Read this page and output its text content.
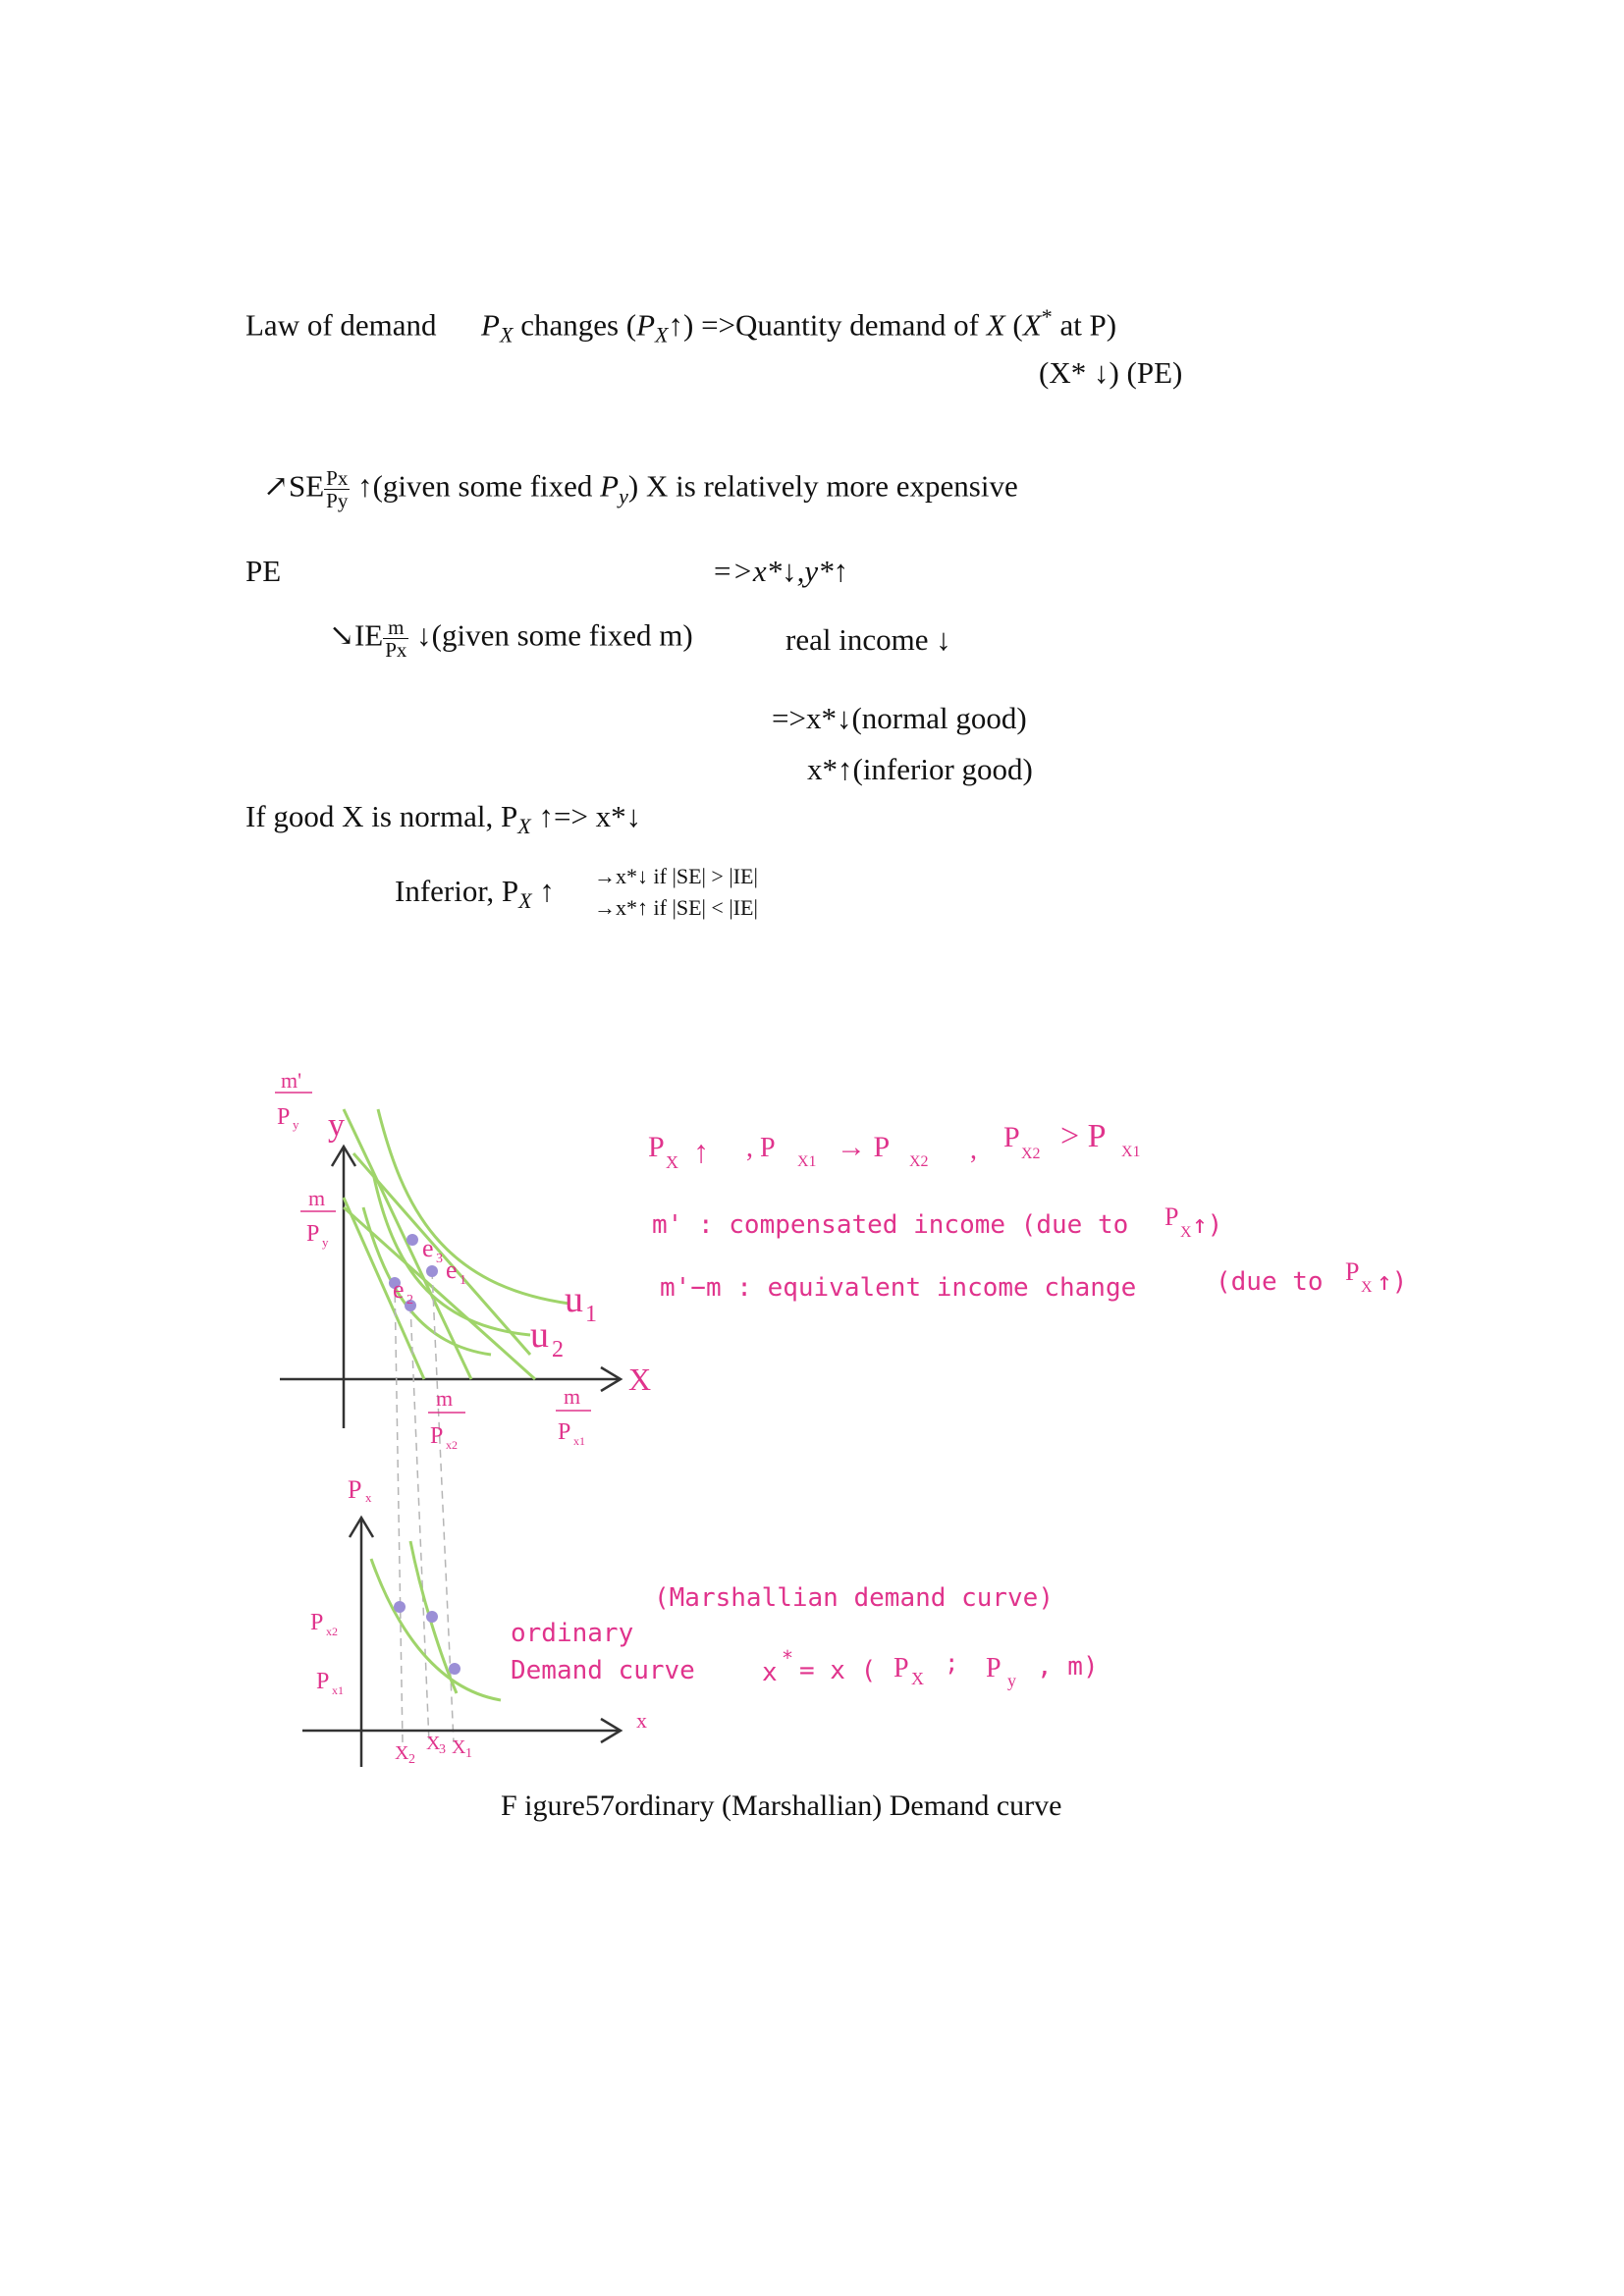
Law of demand $P_X$ changes $(P_X↑)$ =>Quantity demand of X (X* at P)
(X* ↓) (PE)
↗SE $\frac{Px}{Py}$ ↑(given some fixed $P_y$) X is relatively more expensive
PE	=>x*↓,y*↑
↘IE $\frac{m}{Px}$ ↓(given some fixed m)	real income ↓
=>x*↓(normal good)
x*↑(inferior good)
If good X is normal, $P_X$ ↑=> x*↓
Inferior, $P_X$ ↑ →x*↓ if |SE| > |IE|
→x*↑ if |SE| < |IE|
F igure57ordinary (Marshallian) Demand curve
y
X
m'
P y
m
P y
m
P x2
m
P x1
e 3 e 1
e 2	u 1
u 2
P X ↑ , P X1 → P X2 , P
X2 > P X1
m' : compensated income (due to P
X ↑)
m'−m : equivalent income change	(due to P
X ↑)
P x
x
P x2
P x1
X 2
X
3 X 1
ordinary
Demand curve
(Marshallian demand curve)
x * = x ( P X
; P y , m)
